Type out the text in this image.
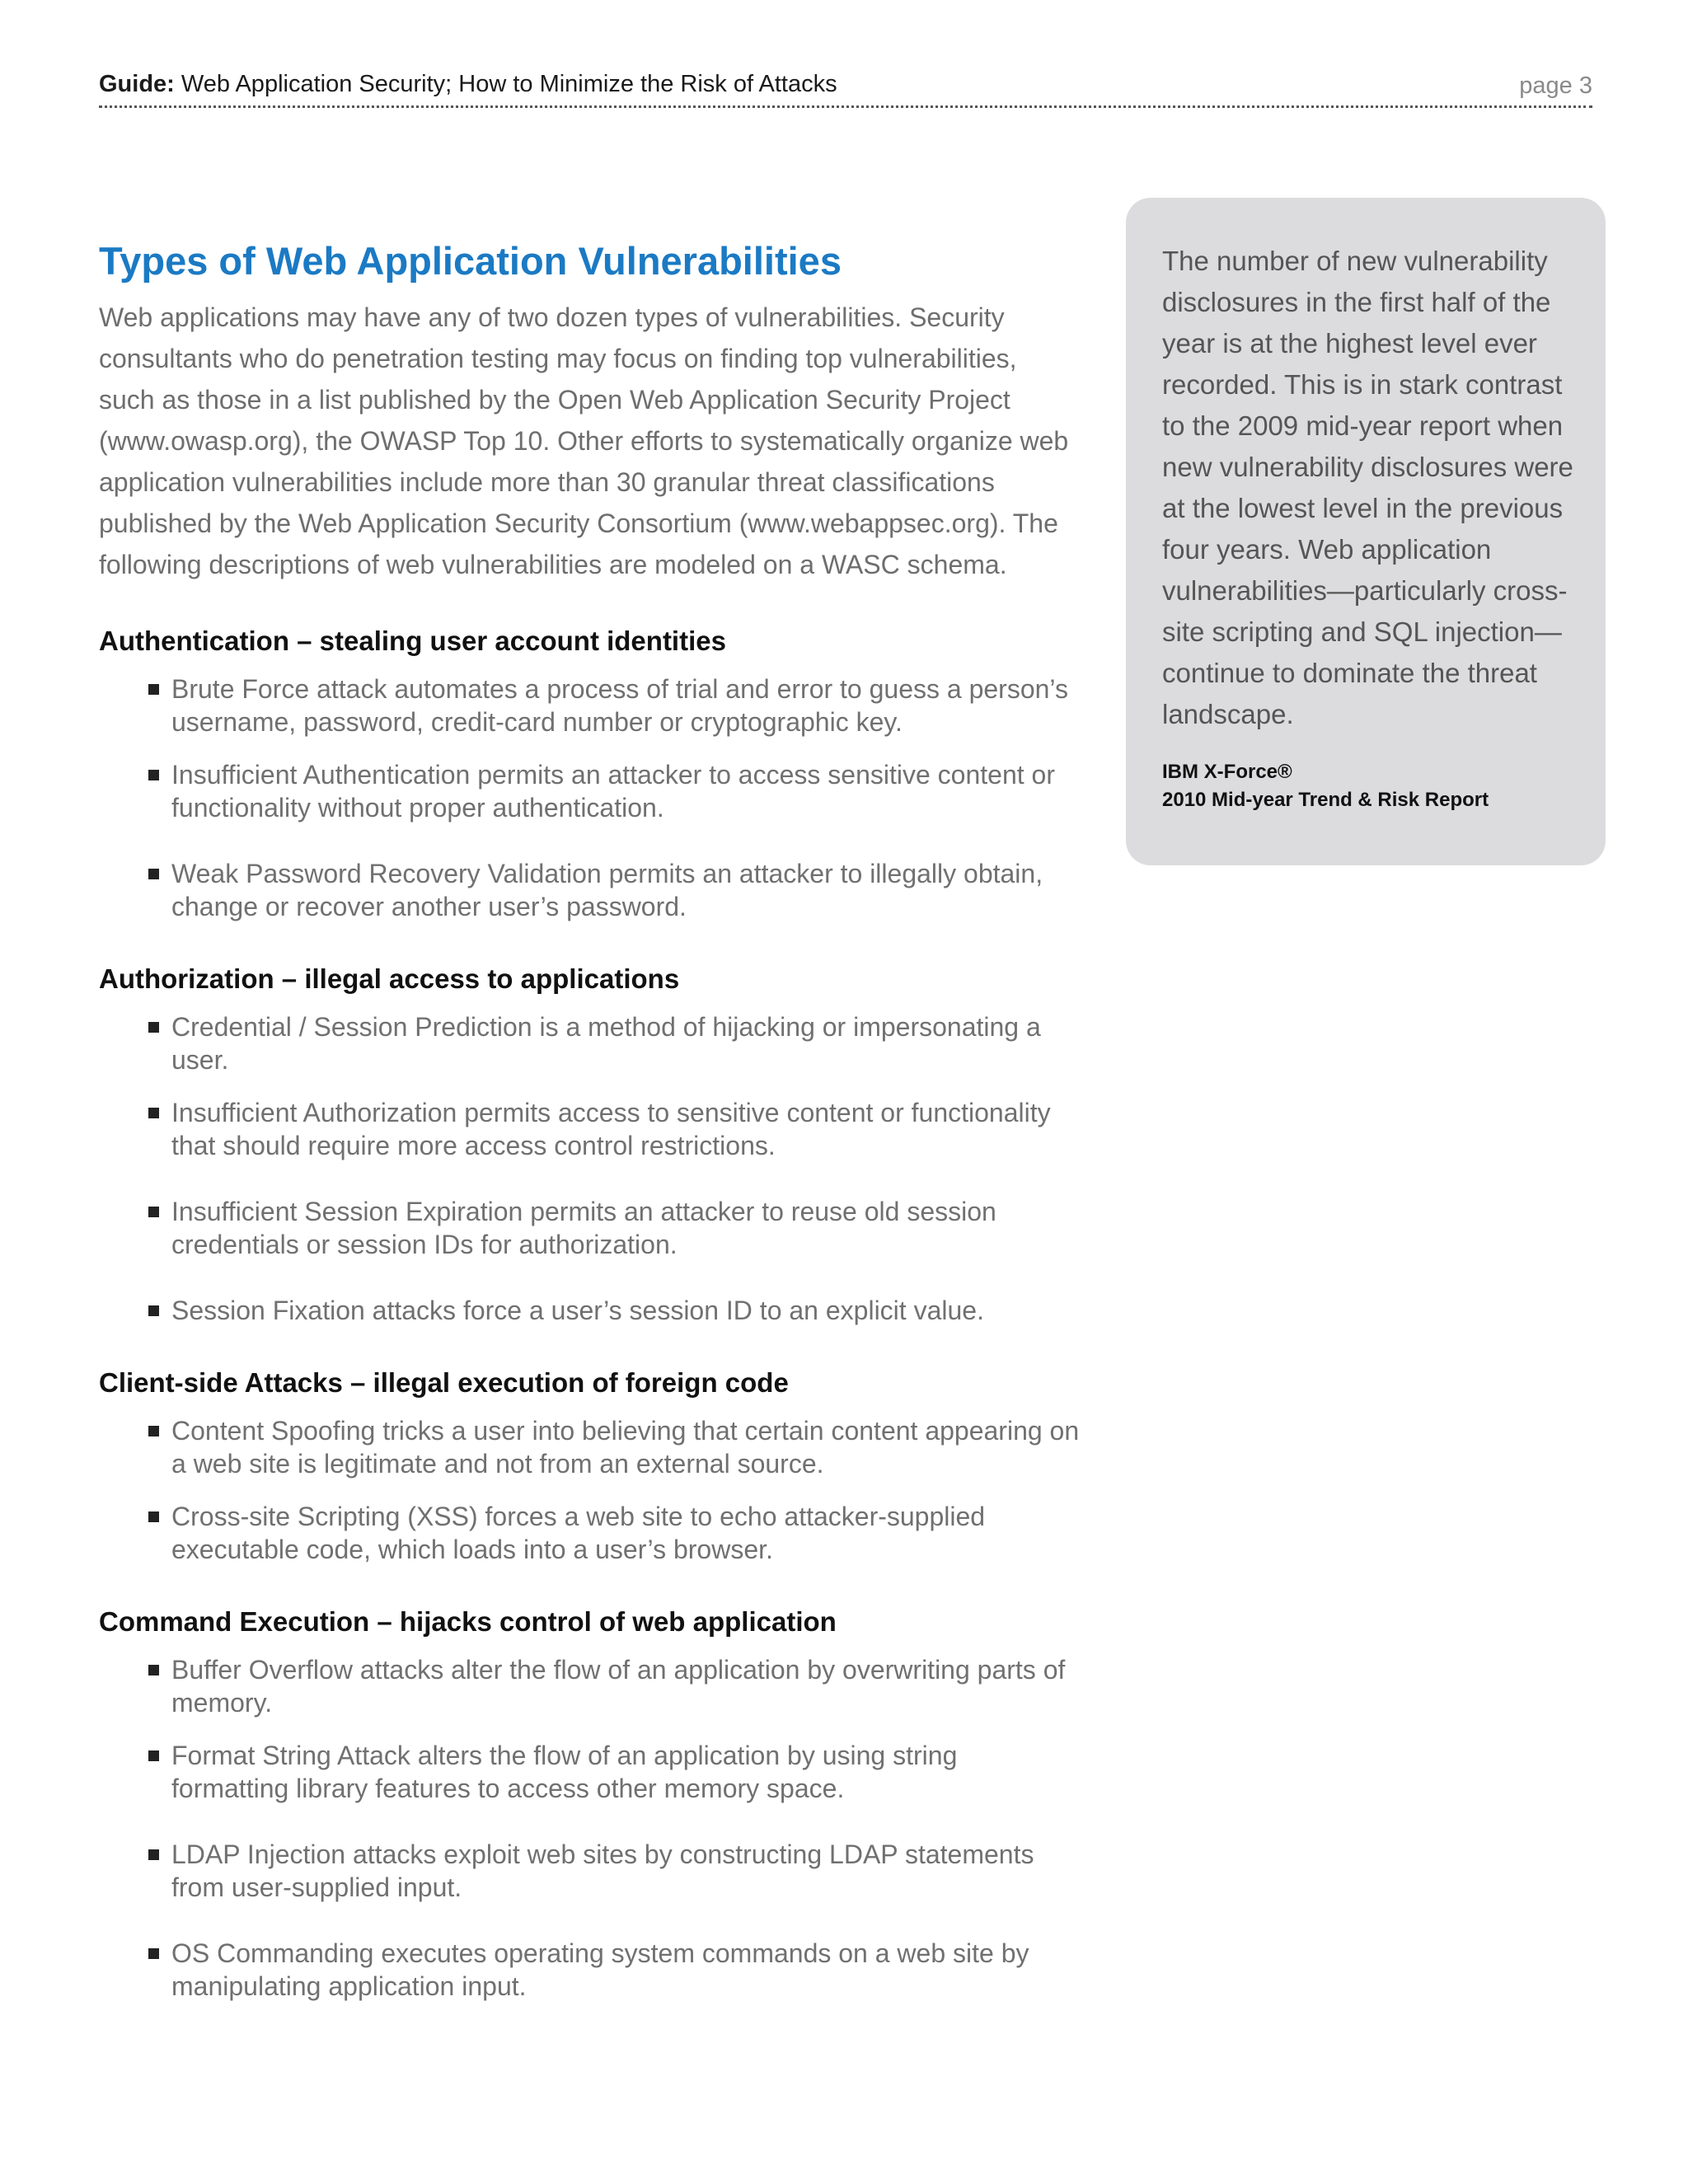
Guide: Web Application Security; How to Minimize the Risk of Attacks	page 3
Types of Web Application Vulnerabilities

Web applications may have any of two dozen types of vulnerabilities. Security consultants who do penetration testing may focus on finding top vulnerabilities, such as those in a list published by the Open Web Application Security Project (www.owasp.org), the OWASP Top 10. Other efforts to systematically organize web application vulnerabilities include more than 30 granular threat classifications published by the Web Application Security Consortium (www.webappsec.org). The following descriptions of web vulnerabilities are modeled on a WASC schema.

Authentication – stealing user account identities
Brute Force attack automates a process of trial and error to guess a person’s username, password, credit-card number or cryptographic key.
Insufficient Authentication permits an attacker to access sensitive content or functionality without proper authentication.
Weak Password Recovery Validation permits an attacker to illegally obtain, change or recover another user’s password.
Authorization – illegal access to applications
Credential / Session Prediction is a method of hijacking or impersonating a user.
Insufficient Authorization permits access to sensitive content or functionality that should require more access control restrictions.
Insufficient Session Expiration permits an attacker to reuse old session credentials or session IDs for authorization.
Session Fixation attacks force a user’s session ID to an explicit value.
Client-side Attacks – illegal execution of foreign code
Content Spoofing tricks a user into believing that certain content appearing on a web site is legitimate and not from an external source.
Cross-site Scripting (XSS) forces a web site to echo attacker-supplied executable code, which loads into a user’s browser.
Command Execution – hijacks control of web application
Buffer Overflow attacks alter the flow of an application by overwriting parts of memory.
Format String Attack alters the flow of an application by using string formatting library features to access other memory space.
LDAP Injection attacks exploit web sites by constructing LDAP statements from user-supplied input.
OS Commanding executes operating system commands on a web site by manipulating application input.

The number of new vulnerability disclosures in the first half of the year is at the highest level ever recorded. This is in stark contrast to the 2009 mid-year report when new vulnerability disclosures were at the lowest level in the previous four years. Web application vulnerabilities—particularly cross-site scripting and SQL injection—continue to dominate the threat landscape.

IBM X-Force®

2010 Mid-year Trend & Risk Report
